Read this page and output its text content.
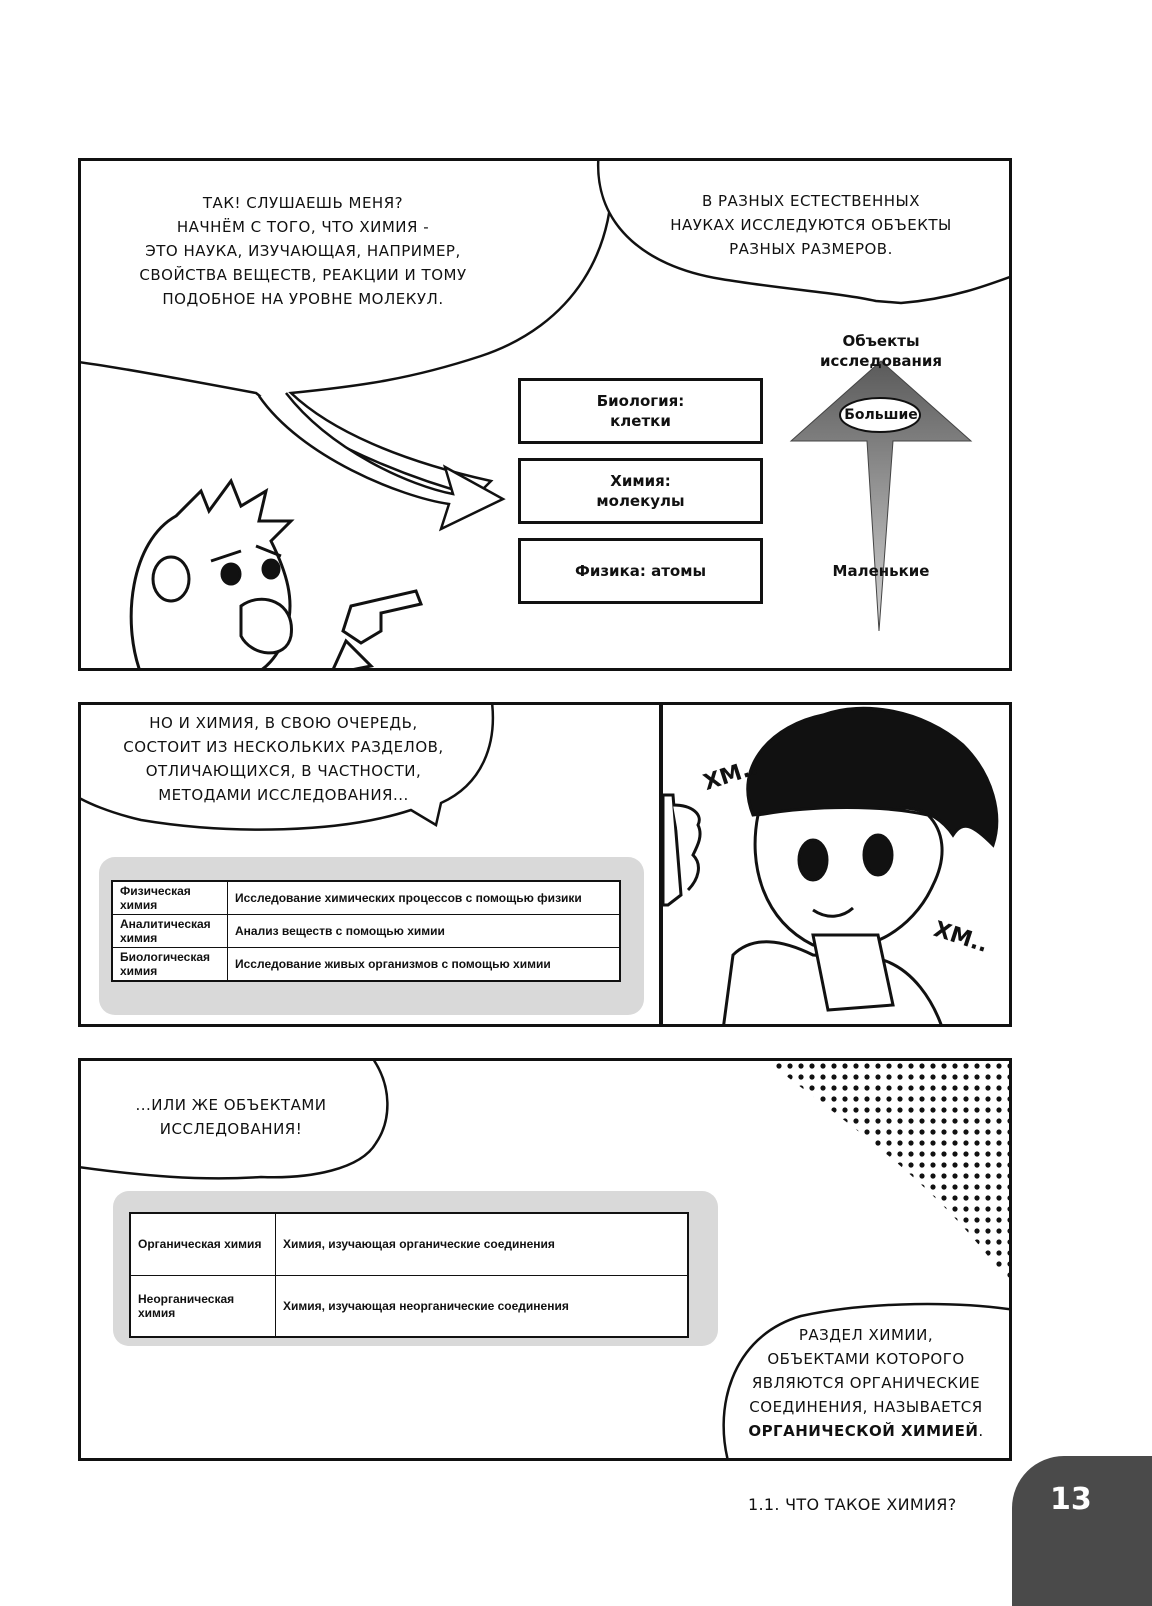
ТАК! СЛУШАЕШЬ МЕНЯ?
НАЧНЁМ С ТОГО, ЧТО ХИМИЯ -
ЭТО НАУКА, ИЗУЧАЮЩАЯ, НАПРИМЕР,
СВОЙСТВА ВЕЩЕСТВ, РЕАКЦИИ И ТОМУ
ПОДОБНОЕ НА УРОВНЕ МОЛЕКУЛ.
В РАЗНЫХ ЕСТЕСТВЕННЫХ
НАУКАХ ИССЛЕДУЮТСЯ ОБЪЕКТЫ
РАЗНЫХ РАЗМЕРОВ.
Биология:
клетки
Химия:
молекулы
Физика: атомы
Объекты
исследования
Большие
Маленькие
НО И ХИМИЯ, В СВОЮ ОЧЕРЕДЬ,
СОСТОИТ ИЗ НЕСКОЛЬКИХ РАЗДЕЛОВ,
ОТЛИЧАЮЩИХСЯ, В ЧАСТНОСТИ,
МЕТОДАМИ ИССЛЕДОВАНИЯ...
Физическая химия	Исследование химических процессов с помощью физики
Аналитическая химия	Анализ веществ с помощью химии
Биологическая химия	Исследование живых организмов с помощью химии
ХМ..
ХМ..
...ИЛИ ЖЕ ОБЪЕКТАМИ
ИССЛЕДОВАНИЯ!
Органическая химия	Химия, изучающая органические соединения
Неорганическая химия	Химия, изучающая неорганические соединения
РАЗДЕЛ ХИМИИ,
ОБЪЕКТАМИ КОТОРОГО
ЯВЛЯЮТСЯ ОРГАНИЧЕСКИЕ
СОЕДИНЕНИЯ, НАЗЫВАЕТСЯ
ОРГАНИЧЕСКОЙ ХИМИЕЙ.
1.1. ЧТО ТАКОЕ ХИМИЯ?	13
